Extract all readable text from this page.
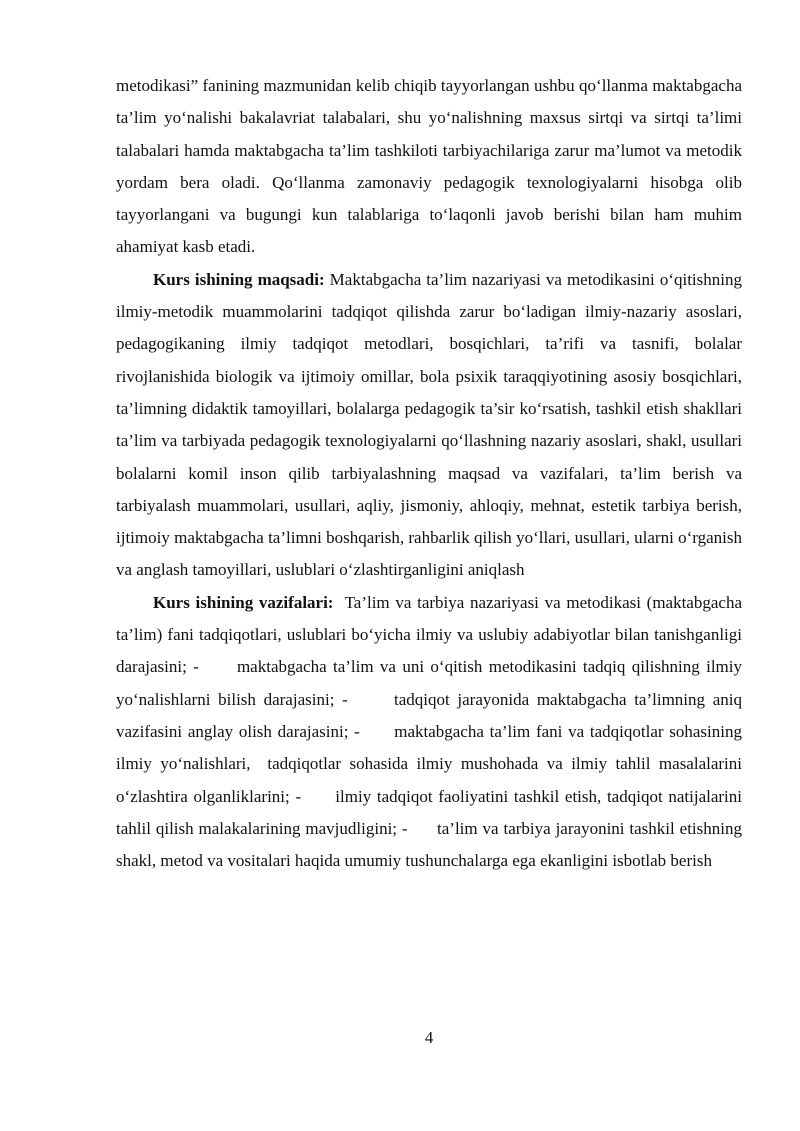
metodikasi” fanining mazmunidan kelib chiqib tayyorlangan ushbu qo‘llanma maktabgacha ta’lim yo‘nalishi bakalavriat talabalari, shu yo‘nalishning maxsus sirtqi va sirtqi ta’limi talabalari hamda maktabgacha ta’lim tashkiloti tarbiyachilariga zarur ma’lumot va metodik yordam bera oladi. Qo‘llanma zamonaviy pedagogik texnologiyalarni hisobga olib tayyorlangani va bugungi kun talablariga to‘laqonli javob berishi bilan ham muhim ahamiyat kasb etadi.

Kurs ishining maqsadi: Maktabgacha ta’lim nazariyasi va metodikasini o‘qitishning ilmiy-metodik muammolarini tadqiqot qilishda zarur bo‘ladigan ilmiy-nazariy asoslari, pedagogikaning ilmiy tadqiqot metodlari, bosqichlari, ta’rifi va tasnifi, bolalar rivojlanishida biologik va ijtimoiy omillar, bola psixik taraqqiyotining asosiy bosqichlari, ta’limning didaktik tamoyillari, bolalarga pedagogik ta’sir ko‘rsatish, tashkil etish shakllari ta’lim va tarbiyada pedagogik texnologiyalarni qo‘llashning nazariy asoslari, shakl, usullari bolalarni komil inson qilib tarbiyalashning maqsad va vazifalari, ta’lim berish va tarbiyalash muammolari, usullari, aqliy, jismoniy, ahloqiy, mehnat, estetik tarbiya berish, ijtimoiy maktabgacha ta’limni boshqarish, rahbarlik qilish yo‘llari, usullari, ularni o‘rganish va anglash tamoyillari, uslublari o‘zlashtirganligini aniqlash

Kurs ishining vazifalari:  Ta’lim va tarbiya nazariyasi va metodikasi (maktabgacha ta’lim) fani tadqiqotlari, uslublari bo‘yicha ilmiy va uslubiy adabiyotlar bilan tanishganligi darajasini; -      maktabgacha ta’lim va uni o‘qitish metodikasini tadqiq qilishning ilmiy yo‘nalishlarni bilish darajasini; -      tadqiqot jarayonida maktabgacha ta’limning aniq vazifasini anglay olish darajasini; -      maktabgacha ta’lim fani va tadqiqotlar sohasining ilmiy yo‘nalishlari,  tadqiqotlar sohasida ilmiy mushohada va ilmiy tahlil masalalarini o‘zlashtira olganliklarini; -      ilmiy tadqiqot faoliyatini tashkil etish, tadqiqot natijalarini tahlil qilish malakalarining mavjudligini; -      ta’lim va tarbiya jarayonini tashkil etishning shakl, metod va vositalari haqida umumiy tushunchalarga ega ekanligini isbotlab berish

4
